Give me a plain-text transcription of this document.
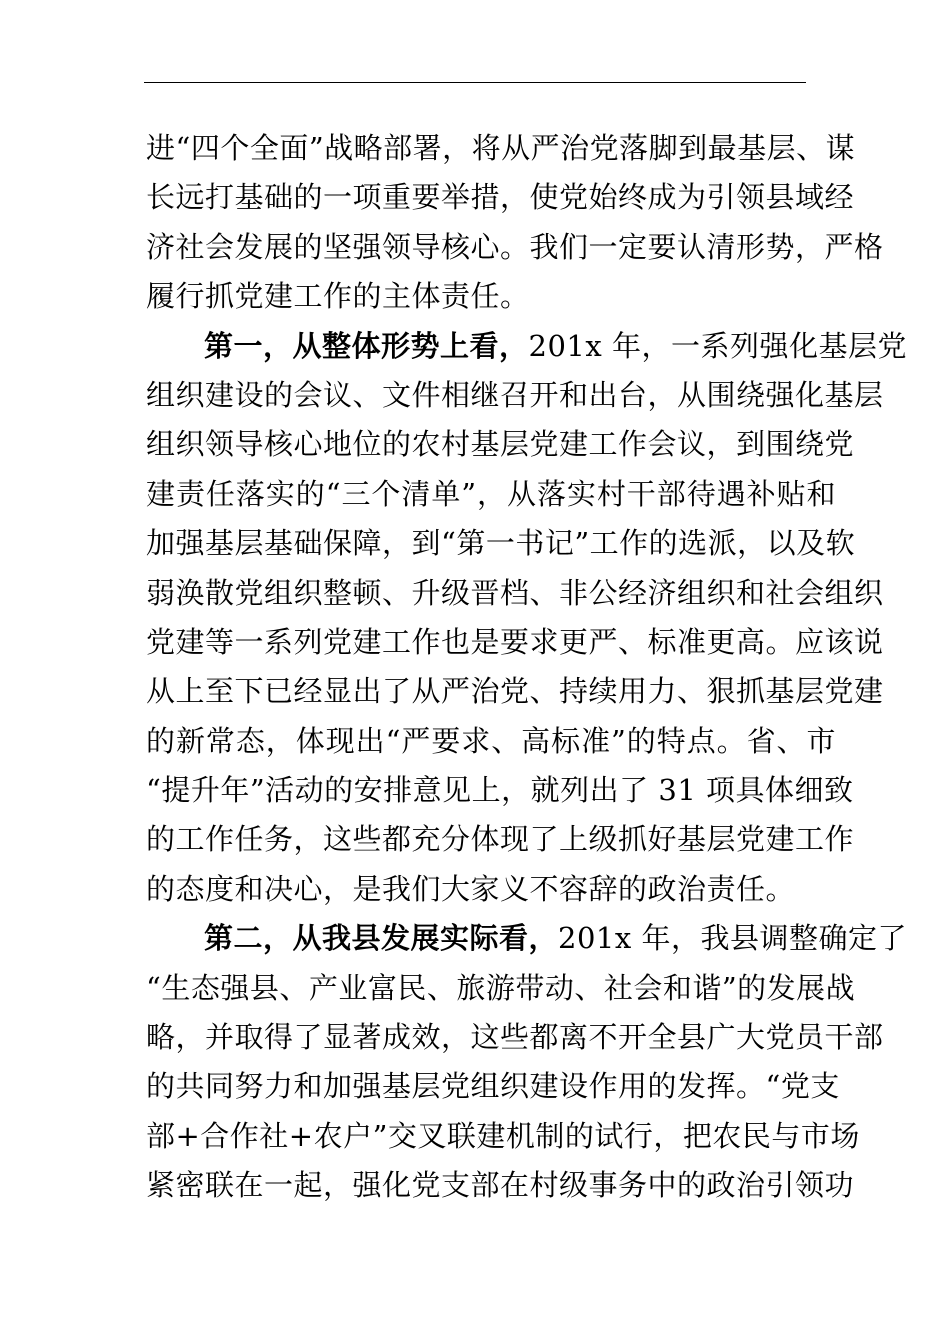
进“四个全面”战略部署，将从严治党落脚到最基层、谋
长远打基础的一项重要举措，使党始终成为引领县域经
济社会发展的坚强领导核心。我们一定要认清形势，严格
履行抓党建工作的主体责任。
第一，从整体形势上看，201x 年，一系列强化基层党
组织建设的会议、文件相继召开和出台，从围绕强化基层
组织领导核心地位的农村基层党建工作会议，到围绕党
建责任落实的“三个清单”，从落实村干部待遇补贴和
加强基层基础保障，到“第一书记”工作的选派，以及软
弱涣散党组织整顿、升级晋档、非公经济组织和社会组织
党建等一系列党建工作也是要求更严、标准更高。应该说
从上至下已经显出了从严治党、持续用力、狠抓基层党建
的新常态，体现出“严要求、高标准”的特点。省、市
“提升年”活动的安排意见上，就列出了 31 项具体细致
的工作任务，这些都充分体现了上级抓好基层党建工作
的态度和决心，是我们大家义不容辞的政治责任。
第二，从我县发展实际看，201x 年，我县调整确定了
“生态强县、产业富民、旅游带动、社会和谐”的发展战
略，并取得了显著成效，这些都离不开全县广大党员干部
的共同努力和加强基层党组织建设作用的发挥。“党支
部+合作社+农户”交叉联建机制的试行，把农民与市场
紧密联在一起，强化党支部在村级事务中的政治引领功
